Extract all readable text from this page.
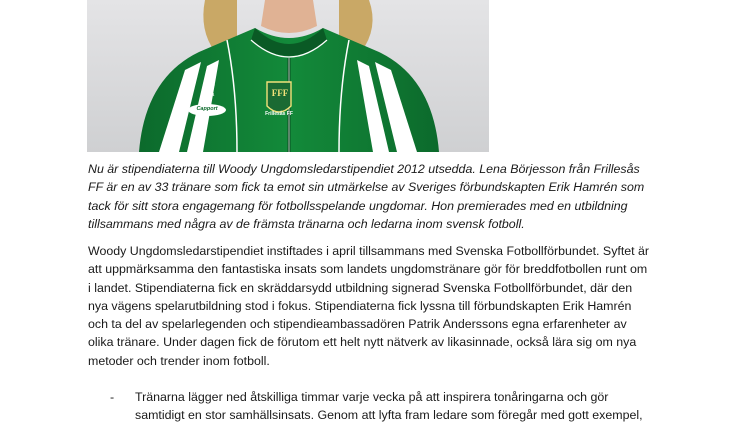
FFF
Frillesås FF
Capport
erima

Nu är stipendiaterna till Woody Ungdomsledarstipendiet 2012 utsedda. Lena Börjesson från Frillesås

FF är en av 33 tränare som fick ta emot sin utmärkelse av Sveriges förbundskapten Erik Hamrén som

tack för sitt stora engagemang för fotbollsspelande ungdomar. Hon premierades med en utbildning

tillsammans med några av de främsta tränarna och ledarna inom svensk fotboll.

Woody Ungdomsledarstipendiet instiftades i april tillsammans med Svenska Fotbollförbundet. Syftet är

att uppmärksamma den fantastiska insats som landets ungdomstränare gör för breddfotbollen runt om

i landet. Stipendiaterna fick en skräddarsydd utbildning signerad Svenska Fotbollförbundet, där den

nya vägens spelarutbildning stod i fokus. Stipendiaterna fick lyssna till förbundskapten Erik Hamrén

och ta del av spelarlegenden och stipendieambassadören Patrik Anderssons egna erfarenheter av

olika tränare. Under dagen fick de förutom ett helt nytt nätverk av likasinnade, också lära sig om nya

metoder och trender inom fotboll.

- Tränarna lägger ned åtskilliga timmar varje vecka på att inspirera tonåringarna och gör
samtidigt en stor samhällsinsats. Genom att lyfta fram ledare som föregår med gott exempel,
